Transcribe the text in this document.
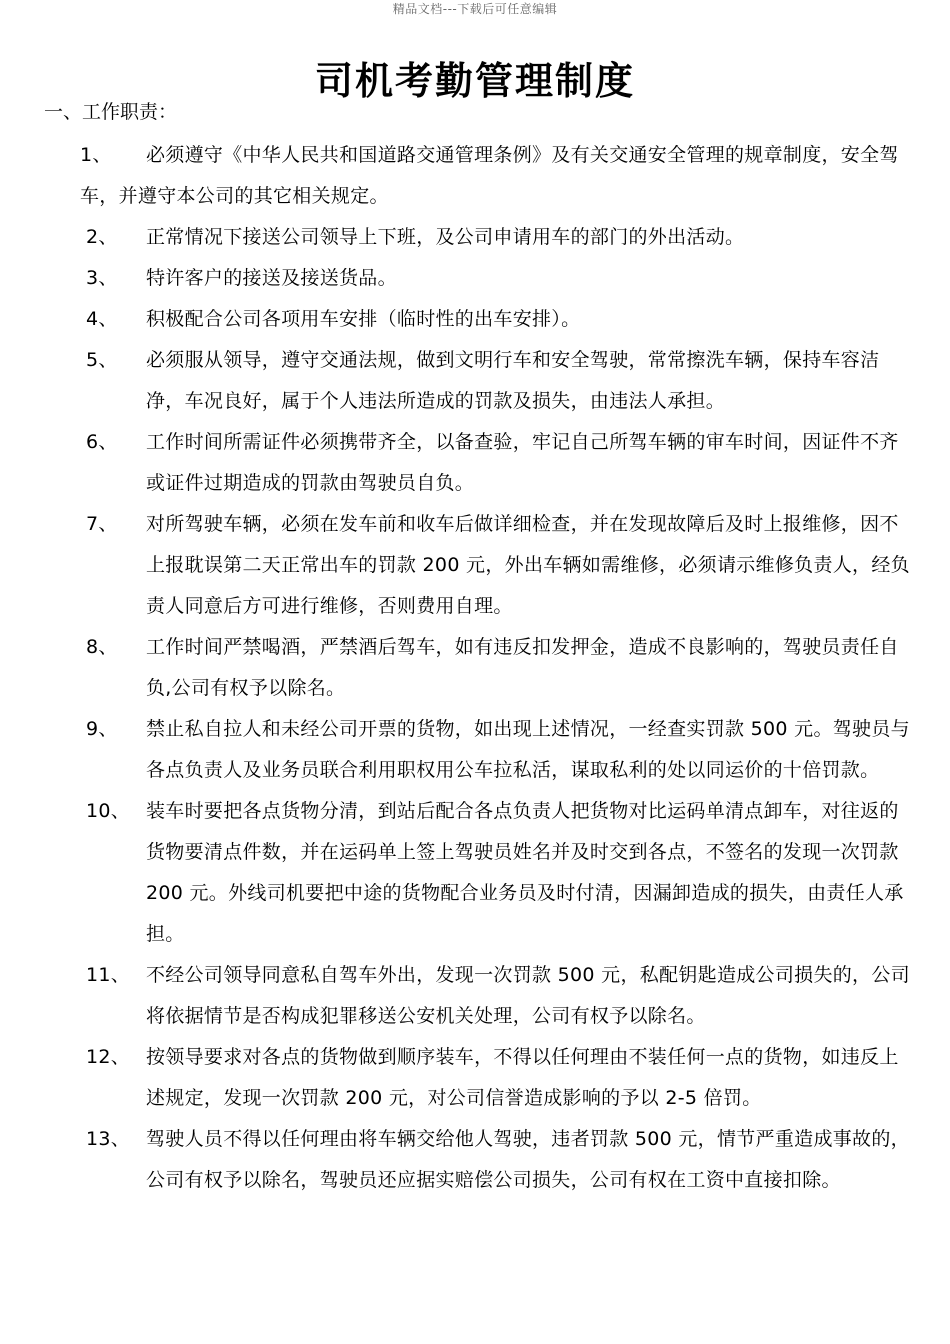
精品文档---下载后可任意编辑
司机考勤管理制度
一、工作职责：
1、	必须遵守《中华人民共和国道路交通管理条例》及有关交通安全管理的规章制度，安全驾车，并遵守本公司的其它相关规定。
2、 正常情况下接送公司领导上下班，及公司申请用车的部门的外出活动。
3、 特许客户的接送及接送货品。
4、 积极配合公司各项用车安排（临时性的出车安排）。
5、 必须服从领导，遵守交通法规，做到文明行车和安全驾驶，常常擦洗车辆，保持车容洁净，车况良好，属于个人违法所造成的罚款及损失，由违法人承担。
6、 工作时间所需证件必须携带齐全，以备查验，牢记自己所驾车辆的审车时间，因证件不齐或证件过期造成的罚款由驾驶员自负。
7、 对所驾驶车辆，必须在发车前和收车后做详细检查，并在发现故障后及时上报维修，因不上报耽误第二天正常出车的罚款 200 元，外出车辆如需维修，必须请示维修负责人，经负责人同意后方可进行维修，否则费用自理。
8、 工作时间严禁喝酒，严禁酒后驾车，如有违反扣发押金，造成不良影响的，驾驶员责任自负,公司有权予以除名。
9、 禁止私自拉人和未经公司开票的货物，如出现上述情况，一经查实罚款 500 元。驾驶员与各点负责人及业务员联合利用职权用公车拉私活，谋取私利的处以同运价的十倍罚款。
10、 装车时要把各点货物分清，到站后配合各点负责人把货物对比运码单清点卸车，对往返的货物要清点件数，并在运码单上签上驾驶员姓名并及时交到各点，不签名的发现一次罚款 200 元。外线司机要把中途的货物配合业务员及时付清，因漏卸造成的损失，由责任人承担。
11、 不经公司领导同意私自驾车外出，发现一次罚款 500 元，私配钥匙造成公司损失的，公司将依据情节是否构成犯罪移送公安机关处理，公司有权予以除名。
12、 按领导要求对各点的货物做到顺序装车，不得以任何理由不装任何一点的货物，如违反上述规定，发现一次罚款 200 元，对公司信誉造成影响的予以 2-5 倍罚。
13、 驾驶人员不得以任何理由将车辆交给他人驾驶，违者罚款 500 元，情节严重造成事故的，公司有权予以除名，驾驶员还应据实赔偿公司损失，公司有权在工资中直接扣除。
